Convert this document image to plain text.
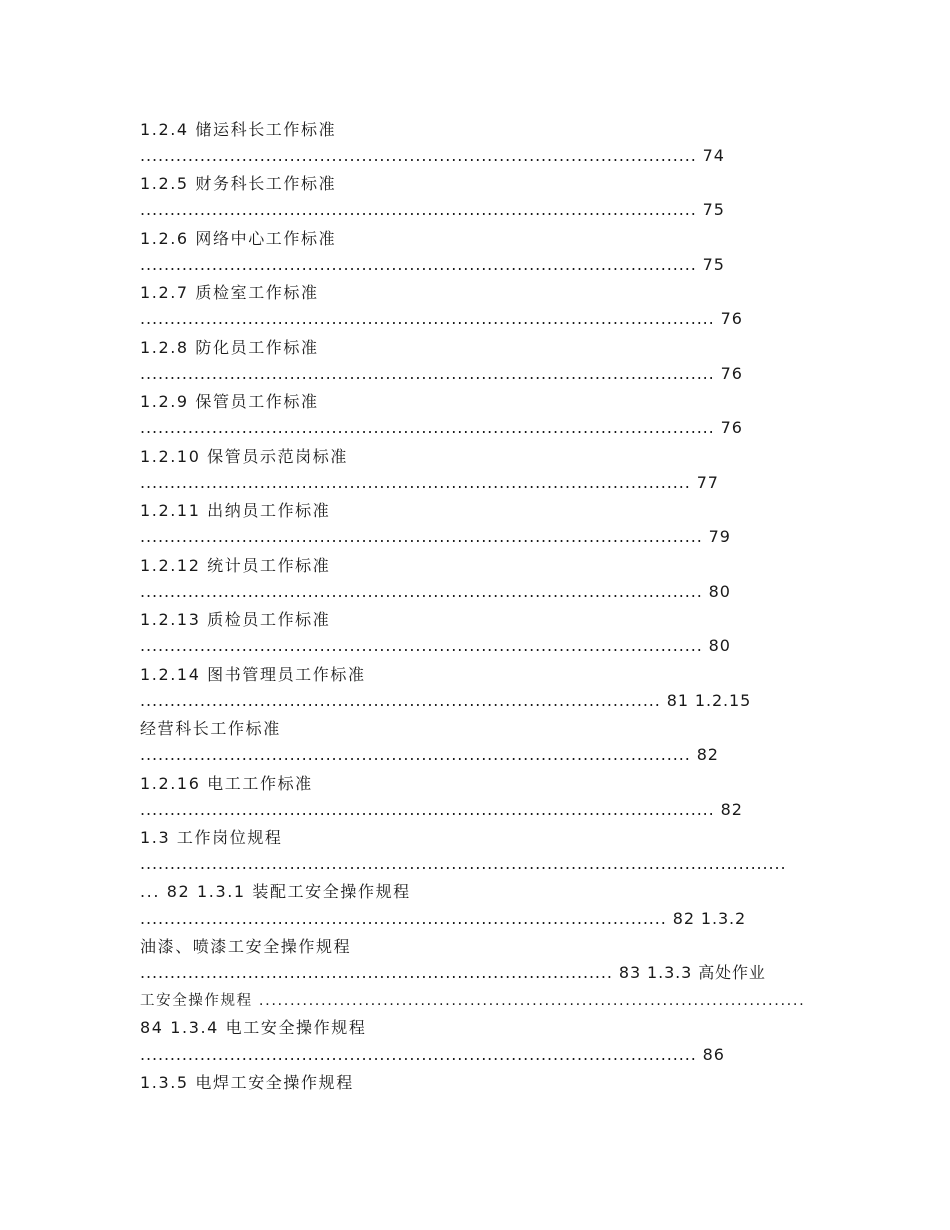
1.2.4 储运科长工作标准
............................................................................................. 74
1.2.5 财务科长工作标准
............................................................................................. 75
1.2.6 网络中心工作标准
............................................................................................. 75
1.2.7 质检室工作标准
................................................................................................ 76
1.2.8 防化员工作标准
................................................................................................ 76
1.2.9 保管员工作标准
................................................................................................ 76
1.2.10 保管员示范岗标准
............................................................................................ 77
1.2.11 出纳员工作标准
.............................................................................................. 79
1.2.12 统计员工作标准
.............................................................................................. 80
1.2.13 质检员工作标准
.............................................................................................. 80
1.2.14 图书管理员工作标准
....................................................................................... 81 1.2.15
经营科长工作标准
............................................................................................ 82
1.2.16 电工工作标准
................................................................................................ 82
1.3 工作岗位规程
............................................................................................................
... 82 1.3.1 装配工安全操作规程
........................................................................................ 82 1.3.2
油漆、喷漆工安全操作规程
............................................................................... 83 1.3.3 高处作业
工安全操作规程 ........................................................................................
84 1.3.4 电工安全操作规程
............................................................................................. 86
1.3.5 电焊工安全操作规程
